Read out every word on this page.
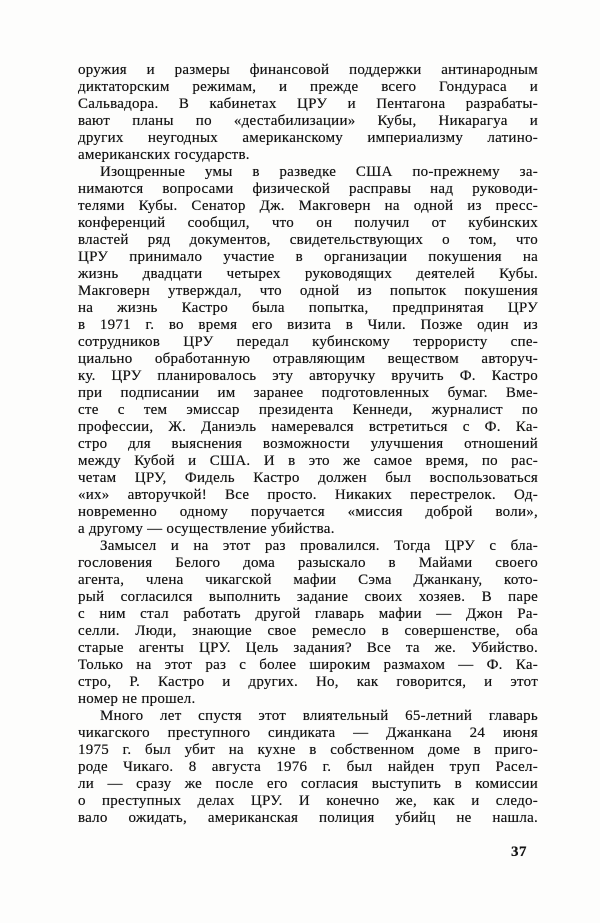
оружия и размеры финансовой поддержки антинародным
диктаторским режимам, и прежде всего Гондураса и
Сальвадора. В кабинетах ЦРУ и Пентагона разрабаты-
вают планы по «дестабилизации» Кубы, Никарагуа и
других неугодных американскому империализму латино-
американских государств.
Изощренные умы в разведке США по-прежнему за-
нимаются вопросами физической расправы над руководи-
телями Кубы. Сенатор Дж. Макговерн на одной из пресс-
конференций сообщил, что он получил от кубинских
властей ряд документов, свидетельствующих о том, что
ЦРУ принимало участие в организации покушения на
жизнь двадцати четырех руководящих деятелей Кубы.
Макговерн утверждал, что одной из попыток покушения
на жизнь Кастро была попытка, предпринятая ЦРУ
в 1971 г. во время его визита в Чили. Позже один из
сотрудников ЦРУ передал кубинскому террористу спе-
циально обработанную отравляющим веществом авторуч-
ку. ЦРУ планировалось эту авторучку вручить Ф. Кастро
при подписании им заранее подготовленных бумаг. Вме-
сте с тем эмиссар президента Кеннеди, журналист по
профессии, Ж. Даниэль намеревался встретиться с Ф. Ка-
стро для выяснения возможности улучшения отношений
между Кубой и США. И в это же самое время, по рас-
четам ЦРУ, Фидель Кастро должен был воспользоваться
«их» авторучкой! Все просто. Никаких перестрелок. Од-
новременно одному поручается «миссия доброй воли»,
а другому — осуществление убийства.
Замысел и на этот раз провалился. Тогда ЦРУ с бла-
гословения Белого дома разыскало в Майами своего
агента, члена чикагской мафии Сэма Джанкану, кото-
рый согласился выполнить задание своих хозяев. В паре
с ним стал работать другой главарь мафии — Джон Ра-
селли. Люди, знающие свое ремесло в совершенстве, оба
старые агенты ЦРУ. Цель задания? Все та же. Убийство.
Только на этот раз с более широким размахом — Ф. Ка-
стро, Р. Кастро и других. Но, как говорится, и этот
номер не прошел.
Много лет спустя этот влиятельный 65-летний главарь
чикагского преступного синдиката — Джанкана 24 июня
1975 г. был убит на кухне в собственном доме в приго-
роде Чикаго. 8 августа 1976 г. был найден труп Расел-
ли — сразу же после его согласия выступить в комиссии
о преступных делах ЦРУ. И конечно же, как и следо-
вало ожидать, американская полиция убийц не нашла.
37
